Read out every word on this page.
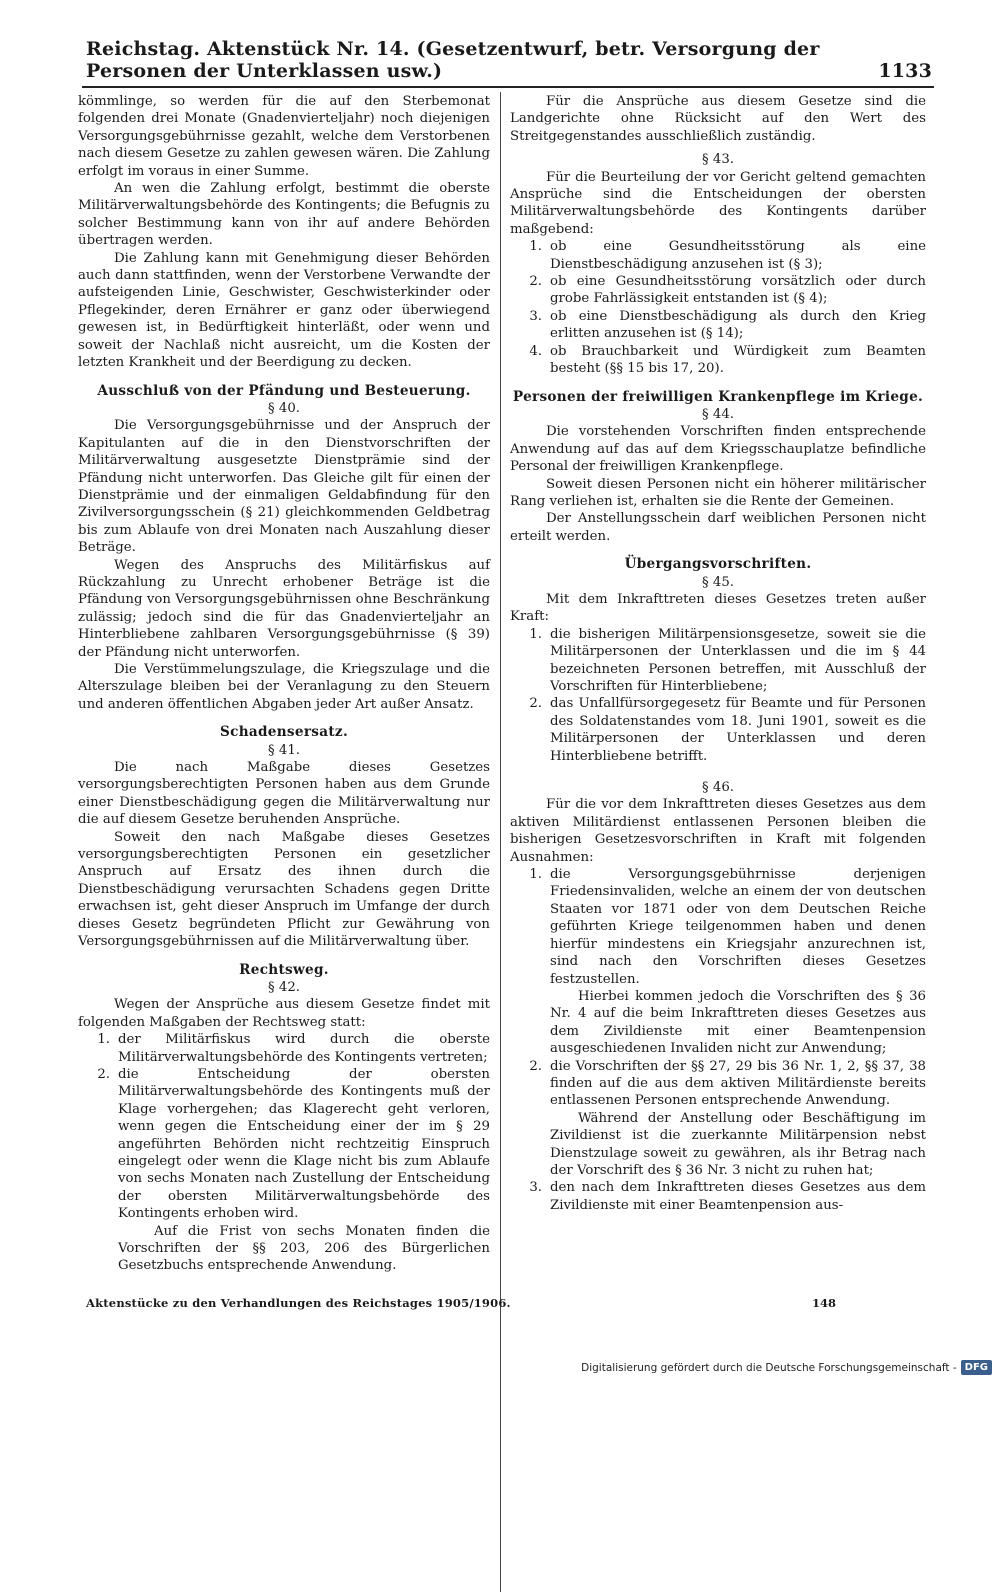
Reichstag. Aktenstück Nr. 14. (Gesetzentwurf, betr. Versorgung der Personen der Unterklassen usw.)	1133

kömmlinge, so werden für die auf den Sterbemonat folgenden drei Monate (Gnadenvierteljahr) noch diejenigen Versorgungsgebührnisse gezahlt, welche dem Verstorbenen nach diesem Gesetze zu zahlen gewesen wären. Die Zahlung erfolgt im voraus in einer Summe.

An wen die Zahlung erfolgt, bestimmt die oberste Militärverwaltungsbehörde des Kontingents; die Befugnis zu solcher Bestimmung kann von ihr auf andere Behörden übertragen werden.

Die Zahlung kann mit Genehmigung dieser Behörden auch dann stattfinden, wenn der Verstorbene Verwandte der aufsteigenden Linie, Geschwister, Geschwisterkinder oder Pflegekinder, deren Ernährer er ganz oder überwiegend gewesen ist, in Bedürftigkeit hinterläßt, oder wenn und soweit der Nachlaß nicht ausreicht, um die Kosten der letzten Krankheit und der Beerdigung zu decken.

Ausschluß von der Pfändung und Besteuerung.
§ 40.

Die Versorgungsgebührnisse und der Anspruch der Kapitulanten auf die in den Dienstvorschriften der Militärverwaltung ausgesetzte Dienstprämie sind der Pfändung nicht unterworfen. Das Gleiche gilt für einen der Dienstprämie und der einmaligen Geldabfindung für den Zivilversorgungsschein (§ 21) gleichkommenden Geldbetrag bis zum Ablaufe von drei Monaten nach Auszahlung dieser Beträge.

Wegen des Anspruchs des Militärfiskus auf Rückzahlung zu Unrecht erhobener Beträge ist die Pfändung von Versorgungsgebührnissen ohne Beschränkung zulässig; jedoch sind die für das Gnadenvierteljahr an Hinterbliebene zahlbaren Versorgungsgebührnisse (§ 39) der Pfändung nicht unterworfen.

Die Verstümmelungszulage, die Kriegszulage und die Alterszulage bleiben bei der Veranlagung zu den Steuern und anderen öffentlichen Abgaben jeder Art außer Ansatz.

Schadensersatz.
§ 41.

Die nach Maßgabe dieses Gesetzes versorgungsberechtigten Personen haben aus dem Grunde einer Dienstbeschädigung gegen die Militärverwaltung nur die auf diesem Gesetze beruhenden Ansprüche.

Soweit den nach Maßgabe dieses Gesetzes versorgungsberechtigten Personen ein gesetzlicher Anspruch auf Ersatz des ihnen durch die Dienstbeschädigung verursachten Schadens gegen Dritte erwachsen ist, geht dieser Anspruch im Umfange der durch dieses Gesetz begründeten Pflicht zur Gewährung von Versorgungsgebührnissen auf die Militärverwaltung über.

Rechtsweg.
§ 42.

Wegen der Ansprüche aus diesem Gesetze findet mit folgenden Maßgaben der Rechtsweg statt:

1. der Militärfiskus wird durch die oberste Militärverwaltungsbehörde des Kontingents vertreten;
2. die Entscheidung der obersten Militärverwaltungsbehörde des Kontingents muß der Klage vorhergehen; das Klagerecht geht verloren, wenn gegen die Entscheidung einer der im § 29 angeführten Behörden nicht rechtzeitig Einspruch eingelegt oder wenn die Klage nicht bis zum Ablaufe von sechs Monaten nach Zustellung der Entscheidung der obersten Militärverwaltungsbehörde des Kontingents erhoben wird.

Auf die Frist von sechs Monaten finden die Vorschriften der §§ 203, 206 des Bürgerlichen Gesetzbuchs entsprechende Anwendung.

Für die Ansprüche aus diesem Gesetze sind die Landgerichte ohne Rücksicht auf den Wert des Streitgegenstandes ausschließlich zuständig.

§ 43.

Für die Beurteilung der vor Gericht geltend gemachten Ansprüche sind die Entscheidungen der obersten Militärverwaltungsbehörde des Kontingents darüber maßgebend:

1. ob eine Gesundheitsstörung als eine Dienstbeschädigung anzusehen ist (§ 3);
2. ob eine Gesundheitsstörung vorsätzlich oder durch grobe Fahrlässigkeit entstanden ist (§ 4);
3. ob eine Dienstbeschädigung als durch den Krieg erlitten anzusehen ist (§ 14);
4. ob Brauchbarkeit und Würdigkeit zum Beamten besteht (§§ 15 bis 17, 20).
Personen der freiwilligen Krankenpflege im Kriege.
§ 44.

Die vorstehenden Vorschriften finden entsprechende Anwendung auf das auf dem Kriegsschauplatze befindliche Personal der freiwilligen Krankenpflege.

Soweit diesen Personen nicht ein höherer militärischer Rang verliehen ist, erhalten sie die Rente der Gemeinen.

Der Anstellungsschein darf weiblichen Personen nicht erteilt werden.

Übergangsvorschriften.
§ 45.

Mit dem Inkrafttreten dieses Gesetzes treten außer Kraft:

1. die bisherigen Militärpensionsgesetze, soweit sie die Militärpersonen der Unterklassen und die im § 44 bezeichneten Personen betreffen, mit Ausschluß der Vorschriften für Hinterbliebene;
2. das Unfallfürsorgegesetz für Beamte und für Personen des Soldatenstandes vom 18. Juni 1901, soweit es die Militärpersonen der Unterklassen und deren Hinterbliebene betrifft.
§ 46.

Für die vor dem Inkrafttreten dieses Gesetzes aus dem aktiven Militärdienst entlassenen Personen bleiben die bisherigen Gesetzesvorschriften in Kraft mit folgenden Ausnahmen:

1. die Versorgungsgebührnisse derjenigen Friedensinvaliden, welche an einem der von deutschen Staaten vor 1871 oder von dem Deutschen Reiche geführten Kriege teilgenommen haben und denen hierfür mindestens ein Kriegsjahr anzurechnen ist, sind nach den Vorschriften dieses Gesetzes festzustellen.
Hierbei kommen jedoch die Vorschriften des § 36 Nr. 4 auf die beim Inkrafttreten dieses Gesetzes aus dem Zivildienste mit einer Beamtenpension ausgeschiedenen Invaliden nicht zur Anwendung;
2. die Vorschriften der §§ 27, 29 bis 36 Nr. 1, 2, §§ 37, 38 finden auf die aus dem aktiven Militärdienste bereits entlassenen Personen entsprechende Anwendung.
Während der Anstellung oder Beschäftigung im Zivildienst ist die zuerkannte Militärpension nebst Dienstzulage soweit zu gewähren, als ihr Betrag nach der Vorschrift des § 36 Nr. 3 nicht zu ruhen hat;
3. den nach dem Inkrafttreten dieses Gesetzes aus dem Zivildienste mit einer Beamtenpension aus-
Aktenstücke zu den Verhandlungen des Reichstages 1905/1906.	148
Digitalisierung gefördert durch die Deutsche Forschungsgemeinschaft - DFG
